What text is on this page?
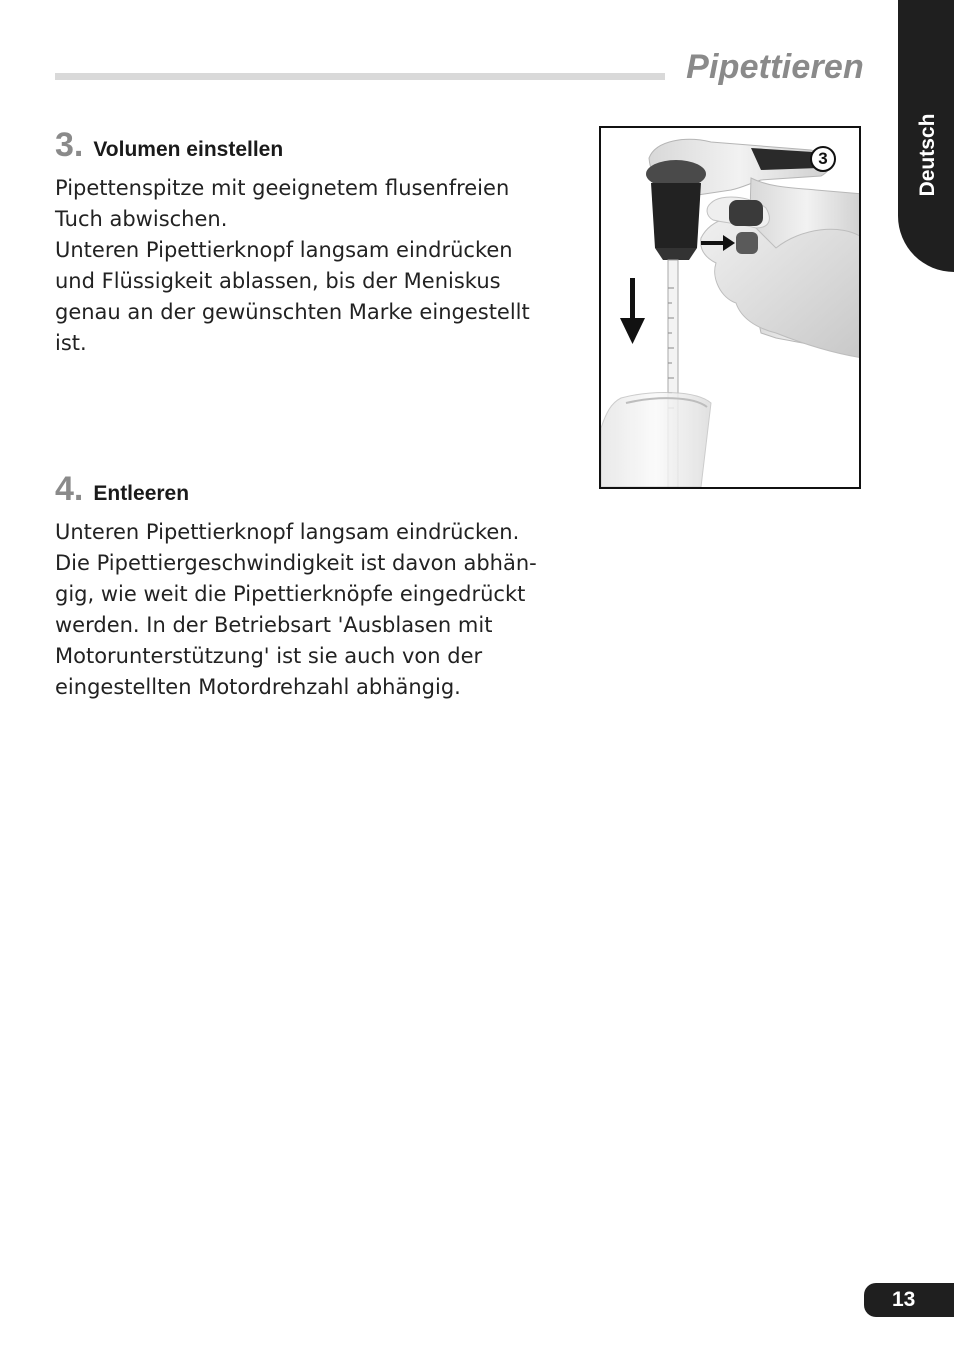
Pipettieren
Deutsch
3. Volumen einstellen

Pipettenspitze mit geeignetem flusenfreien
Tuch abwischen.
Unteren Pipettierknopf langsam eindrücken
und Flüssigkeit ablassen, bis der Meniskus
genau an der gewünschten Marke eingestellt
ist.

4. Entleeren

Unteren Pipettierknopf langsam eindrücken.
Die Pipettiergeschwindigkeit ist davon abhän-
gig, wie weit die Pipettierknöpfe eingedrückt
werden. In der Betriebsart 'Ausblasen mit
Motorunterstützung' ist sie auch von der
eingestellten Motordrehzahl abhängig.

3
13
